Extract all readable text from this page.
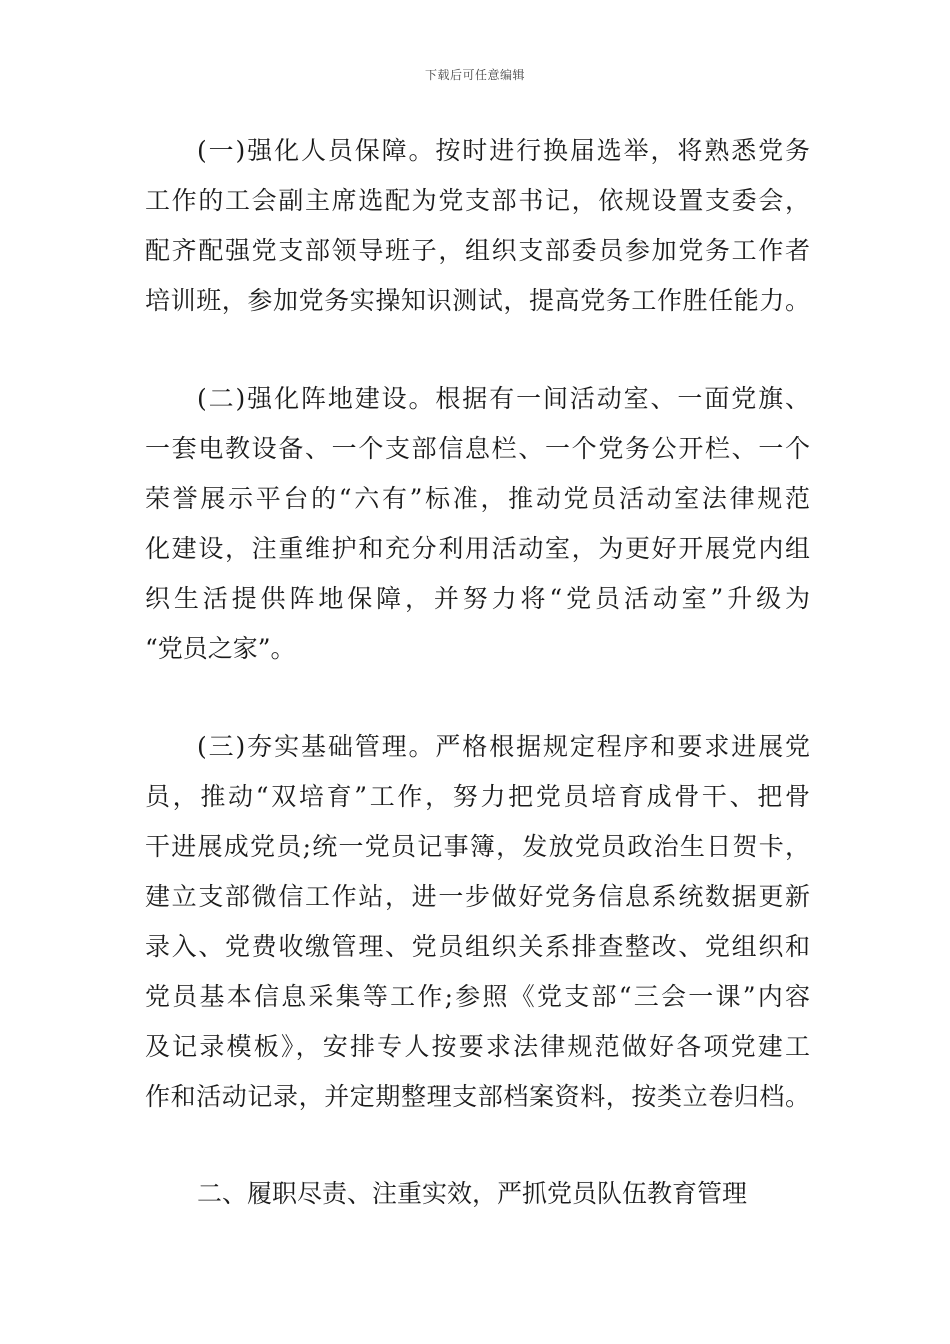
下载后可任意编辑
(一)强化人员保障。按时进行换届选举，将熟悉党务
工作的工会副主席选配为党支部书记，依规设置支委会，
配齐配强党支部领导班子，组织支部委员参加党务工作者
培训班，参加党务实操知识测试，提高党务工作胜任能力。
(二)强化阵地建设。根据有一间活动室、一面党旗、
一套电教设备、一个支部信息栏、一个党务公开栏、一个
荣誉展示平台的“六有”标准，推动党员活动室法律规范
化建设，注重维护和充分利用活动室，为更好开展党内组
织生活提供阵地保障，并努力将“党员活动室”升级为
“党员之家”。
(三)夯实基础管理。严格根据规定程序和要求进展党
员，推动“双培育”工作，努力把党员培育成骨干、把骨
干进展成党员;统一党员记事簿，发放党员政治生日贺卡，
建立支部微信工作站，进一步做好党务信息系统数据更新
录入、党费收缴管理、党员组织关系排查整改、党组织和
党员基本信息采集等工作;参照《党支部“三会一课”内容
及记录模板》，安排专人按要求法律规范做好各项党建工
作和活动记录，并定期整理支部档案资料，按类立卷归档。
二、履职尽责、注重实效，严抓党员队伍教育管理
